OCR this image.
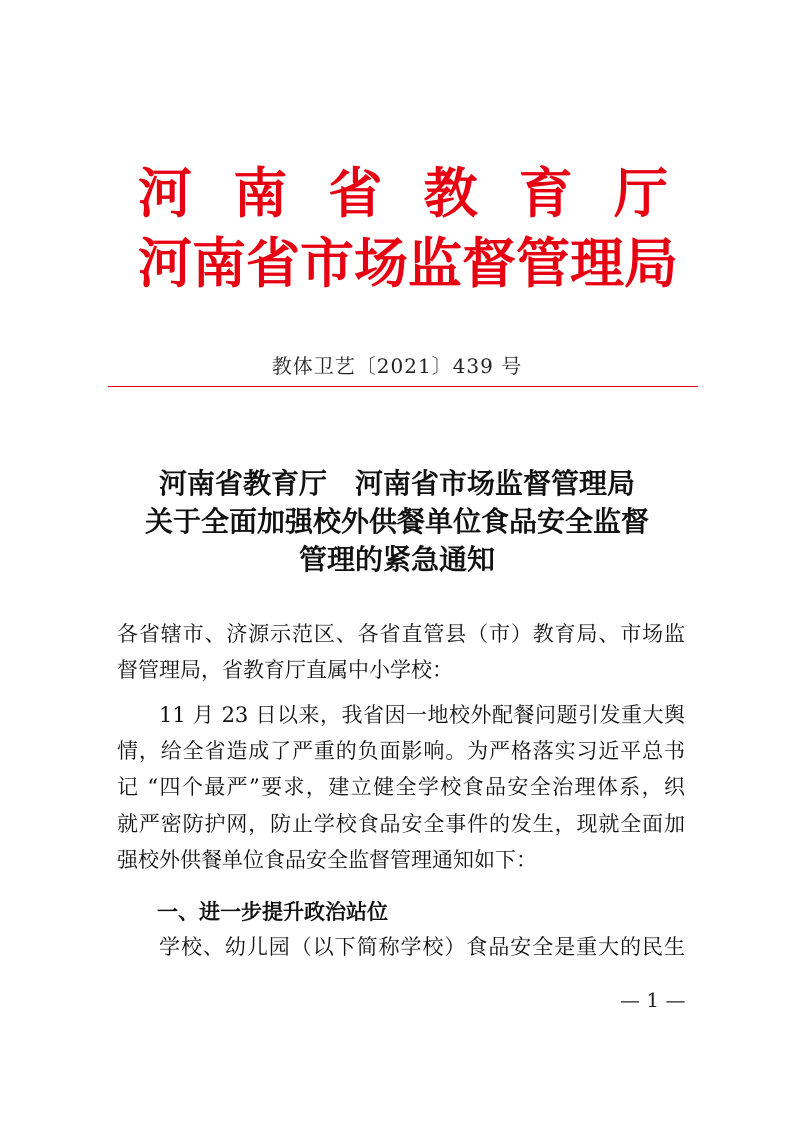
河 南 省 教 育 厅
河南省市场监督管理局
教体卫艺〔2021〕439 号
河南省教育厅　河南省市场监督管理局
关于全面加强校外供餐单位食品安全监督
管理的紧急通知
各省辖市、济源示范区、各省直管县（市）教育局、市场监
督管理局，省教育厅直属中小学校：
11 月 23 日以来，我省因一地校外配餐问题引发重大舆
情，给全省造成了严重的负面影响。为严格落实习近平总书
记 “四个最严”要求，建立健全学校食品安全治理体系，织
就严密防护网，防止学校食品安全事件的发生，现就全面加
强校外供餐单位食品安全监督管理通知如下：
一、进一步提升政治站位
学校、幼儿园（以下简称学校）食品安全是重大的民生
— 1 —
